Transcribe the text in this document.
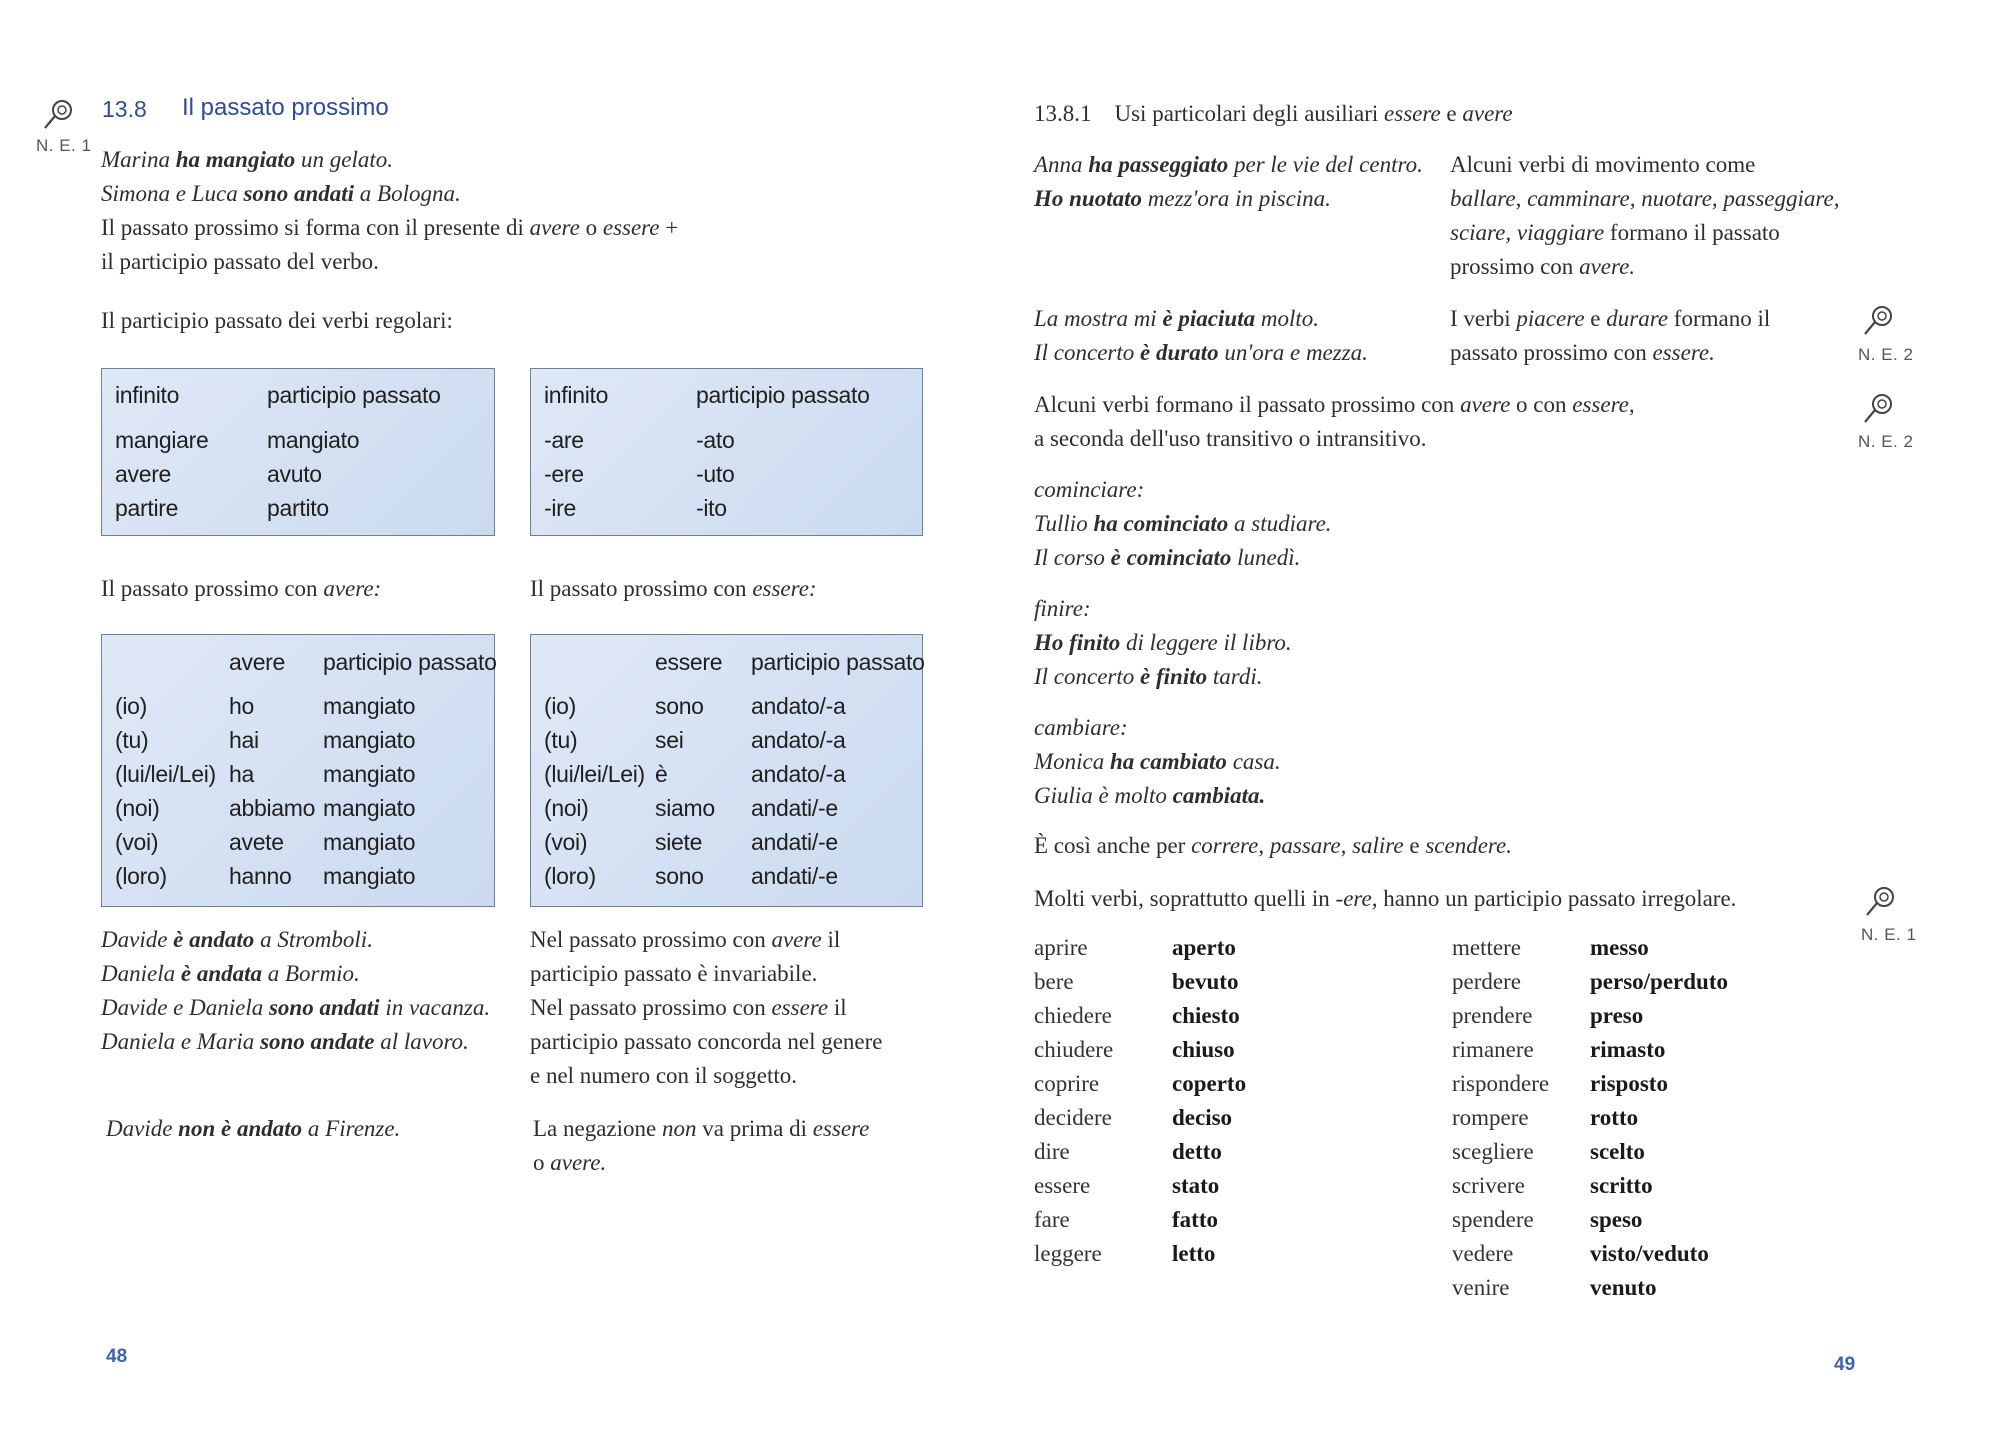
N. E. 1
13.8 Il passato prossimo
Marina ha mangiato un gelato.
Simona e Luca sono andati a Bologna.
Il passato prossimo si forma con il presente di avere o essere +
il participio passato del verbo.
Il participio passato dei verbi regolari:
infinito	participio passato
mangiare	mangiato
avere	avuto
partire	partito
infinito	participio passato
-are	-ato
-ere	-uto
-ire	-ito
Il passato prossimo con avere:	Il passato prossimo con essere:
avere participio passato
(io)	ho	mangiato
(tu)	hai	mangiato
(lui/lei/Lei) ha	mangiato
(noi)	abbiamo mangiato
(voi)	avete mangiato
(loro)	hanno mangiato
essere participio passato
(io)	sono andato/-a
(tu)	sei	andato/-a
(lui/lei/Lei) è	andato/-a
(noi)	siamo andati/-e
(voi)	siete andati/-e
(loro)	sono andati/-e
Davide è andato a Stromboli.
Daniela è andata a Bormio.
Davide e Daniela sono andati in vacanza.
Daniela e Maria sono andate al lavoro.
Nel passato prossimo con avere il
participio passato è invariabile.
Nel passato prossimo con essere il
participio passato concorda nel genere
e nel numero con il soggetto.
Davide non è andato a Firenze.	La negazione non va prima di essere
o avere.
48
13.8.1 Usi particolari degli ausiliari essere e avere
Anna ha passeggiato per le vie del centro.
Ho nuotato mezz'ora in piscina.
Alcuni verbi di movimento come
ballare, camminare, nuotare, passeggiare,
sciare, viaggiare formano il passato
prossimo con avere.
La mostra mi è piaciuta molto.
Il concerto è durato un'ora e mezza.
I verbi piacere e durare formano il
passato prossimo con essere.	N. E. 2
Alcuni verbi formano il passato prossimo con avere o con essere,
a seconda dell'uso transitivo o intransitivo.	N. E. 2
cominciare:
Tullio ha cominciato a studiare.
Il corso è cominciato lunedì.
finire:
Ho finito di leggere il libro.
Il concerto è finito tardi.
cambiare:
Monica ha cambiato casa.
Giulia è molto cambiata.
È così anche per correre, passare, salire e scendere.
Molti verbi, soprattutto quelli in -ere, hanno un participio passato irregolare.
N. E. 1
aprire	aperto
bere	bevuto
chiedere	chiesto
chiudere	chiuso
coprire	coperto
decidere	deciso
dire	detto
essere	stato
fare	fatto
leggere	letto
mettere	messo
perdere	perso/perduto
prendere	preso
rimanere rimasto
rispondere risposto
rompere	rotto
scegliere scelto
scrivere	scritto
spendere speso
vedere	visto/veduto
venire	venuto
49
